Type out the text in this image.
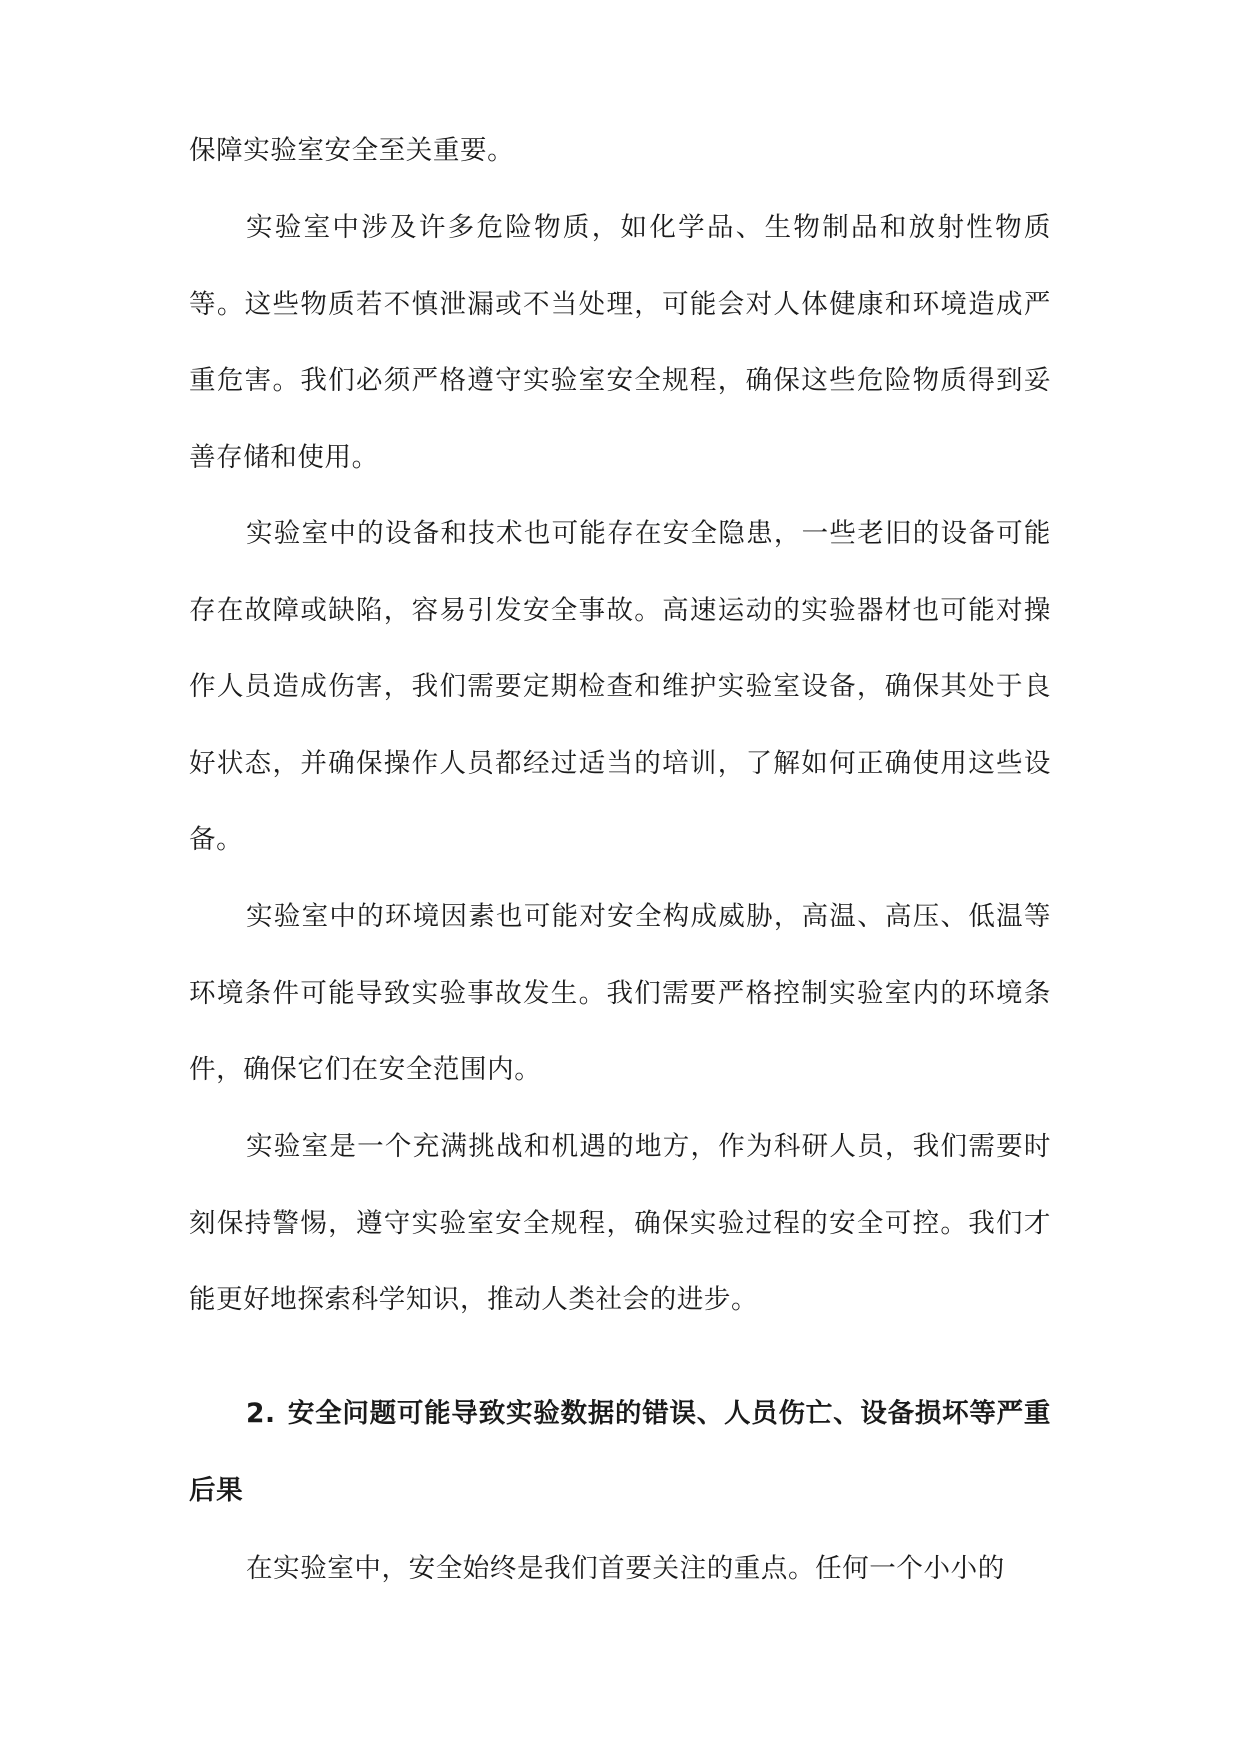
保障实验室安全至关重要。

实验室中涉及许多危险物质，如化学品、生物制品和放射性物质等。这些物质若不慎泄漏或不当处理，可能会对人体健康和环境造成严重危害。我们必须严格遵守实验室安全规程，确保这些危险物质得到妥善存储和使用。

实验室中的设备和技术也可能存在安全隐患，一些老旧的设备可能存在故障或缺陷，容易引发安全事故。高速运动的实验器材也可能对操作人员造成伤害，我们需要定期检查和维护实验室设备，确保其处于良好状态，并确保操作人员都经过适当的培训，了解如何正确使用这些设备。

实验室中的环境因素也可能对安全构成威胁，高温、高压、低温等环境条件可能导致实验事故发生。我们需要严格控制实验室内的环境条件，确保它们在安全范围内。

实验室是一个充满挑战和机遇的地方，作为科研人员，我们需要时刻保持警惕，遵守实验室安全规程，确保实验过程的安全可控。我们才能更好地探索科学知识，推动人类社会的进步。

2. 安全问题可能导致实验数据的错误、人员伤亡、设备损坏等严重后果

在实验室中，安全始终是我们首要关注的重点。任何一个小小的
